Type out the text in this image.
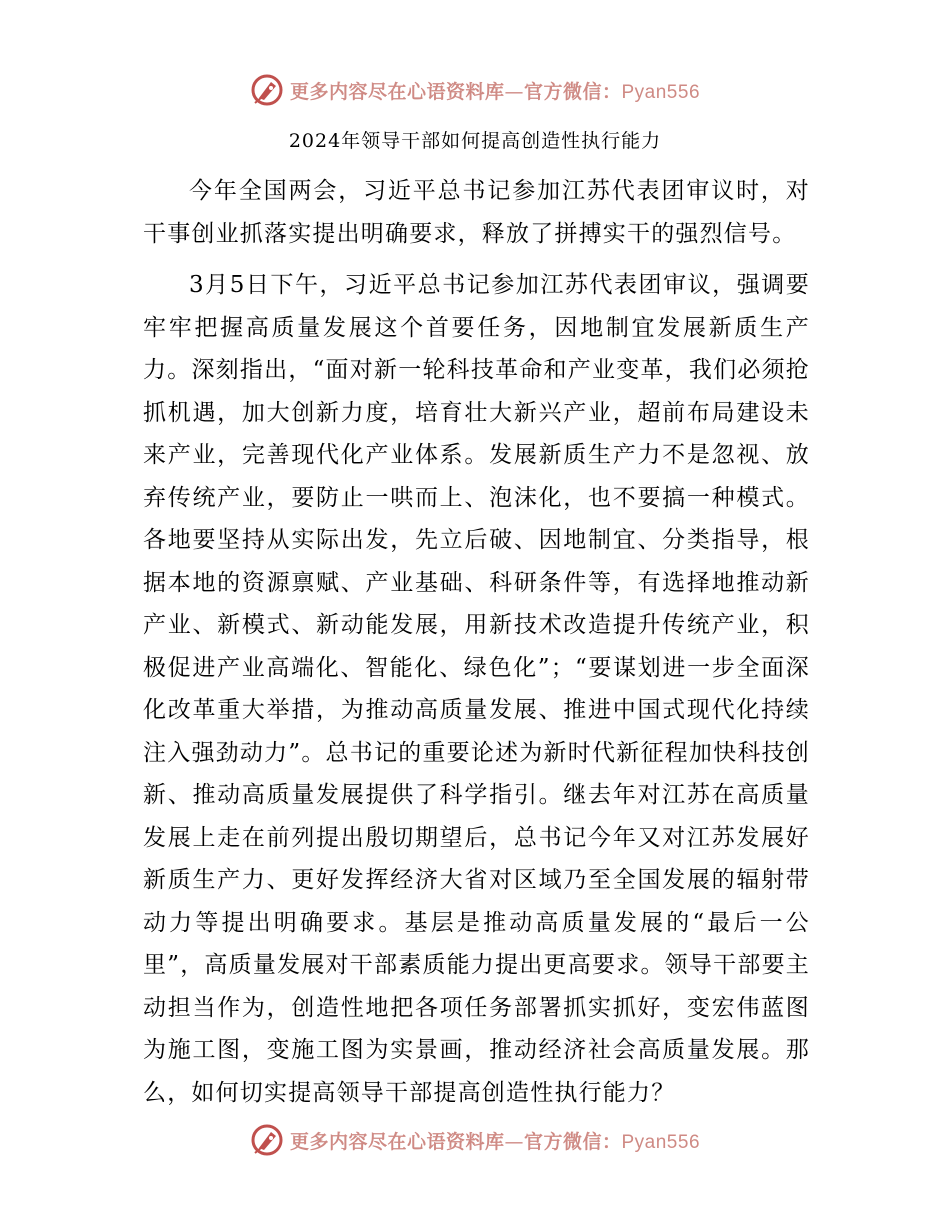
更多内容尽在心语资料库—官方微信：Pyan556
2024年领导干部如何提高创造性执行能力

今年全国两会，习近平总书记参加江苏代表团审议时，对干事创业抓落实提出明确要求，释放了拼搏实干的强烈信号。

3月5日下午，习近平总书记参加江苏代表团审议，强调要牢牢把握高质量发展这个首要任务，因地制宜发展新质生产力。深刻指出，“面对新一轮科技革命和产业变革，我们必须抢抓机遇，加大创新力度，培育壮大新兴产业，超前布局建设未来产业，完善现代化产业体系。发展新质生产力不是忽视、放弃传统产业，要防止一哄而上、泡沫化，也不要搞一种模式。各地要坚持从实际出发，先立后破、因地制宜、分类指导，根据本地的资源禀赋、产业基础、科研条件等，有选择地推动新产业、新模式、新动能发展，用新技术改造提升传统产业，积极促进产业高端化、智能化、绿色化”；“要谋划进一步全面深化改革重大举措，为推动高质量发展、推进中国式现代化持续注入强劲动力”。总书记的重要论述为新时代新征程加快科技创新、推动高质量发展提供了科学指引。继去年对江苏在高质量发展上走在前列提出殷切期望后，总书记今年又对江苏发展好新质生产力、更好发挥经济大省对区域乃至全国发展的辐射带动力等提出明确要求。基层是推动高质量发展的“最后一公里”，高质量发展对干部素质能力提出更高要求。领导干部要主动担当作为，创造性地把各项任务部署抓实抓好，变宏伟蓝图为施工图，变施工图为实景画，推动经济社会高质量发展。那么，如何切实提高领导干部提高创造性执行能力？

更多内容尽在心语资料库—官方微信：Pyan556
